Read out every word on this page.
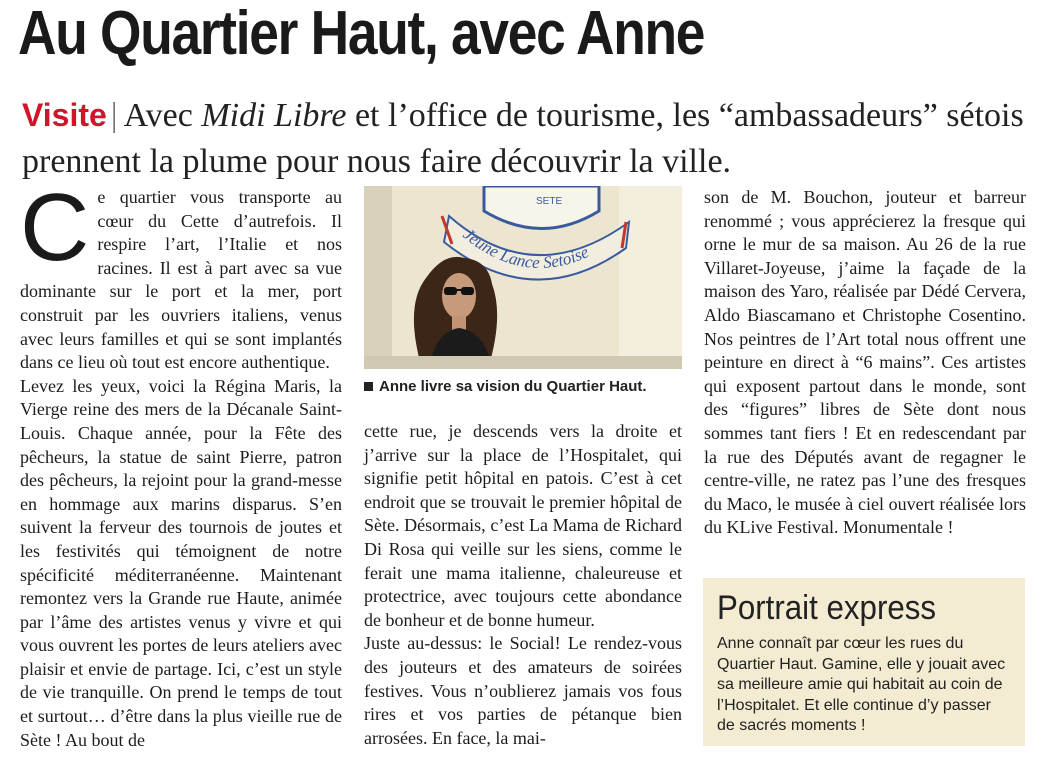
Au Quartier Haut, avec Anne

Visite | Avec Midi Libre et l’office de tourisme, les “ambassadeurs” sétois prennent la plume pour nous faire découvrir la ville.

C e quartier vous transporte au cœur du Cette d’autrefois. Il respire l’art, l’Italie et nos racines. Il est à part avec sa vue dominante sur le port et la mer, port construit par les ouvriers italiens, venus avec leurs familles et qui se sont implantés dans ce lieu où tout est encore authentique.

Levez les yeux, voici la Régina Maris, la Vierge reine des mers de la Décanale Saint-Louis. Chaque année, pour la Fête des pêcheurs, la statue de saint Pierre, patron des pêcheurs, la rejoint pour la grand-messe en hommage aux marins disparus. S’en suivent la ferveur des tournois de joutes et les festivités qui témoignent de notre spécificité méditerranéenne. Maintenant remontez vers la Grande rue Haute, animée par l’âme des artistes venus y vivre et qui vous ouvrent les portes de leurs ateliers avec plaisir et envie de partage. Ici, c’est un style de vie tranquille. On prend le temps de tout et surtout… d’être dans la plus vieille rue de Sète ! Au bout de

SETE
Jeune Lance Setoise
Anne livre sa vision du Quartier Haut.

cette rue, je descends vers la droite et j’arrive sur la place de l’Hospitalet, qui signifie petit hôpital en patois. C’est à cet endroit que se trouvait le premier hôpital de Sète. Désormais, c’est La Mama de Richard Di Rosa qui veille sur les siens, comme le ferait une mama italienne, chaleureuse et protectrice, avec toujours cette abondance de bonheur et de bonne humeur.

Juste au-dessus: le Social! Le rendez-vous des jouteurs et des amateurs de soirées festives. Vous n’oublierez jamais vos fous rires et vos parties de pétanque bien arrosées. En face, la mai-

son de M. Bouchon, jouteur et barreur renommé ; vous apprécierez la fresque qui orne le mur de sa maison. Au 26 de la rue Villaret-Joyeuse, j’aime la façade de la maison des Yaro, réalisée par Dédé Cervera, Aldo Biascamano et Christophe Cosentino. Nos peintres de l’Art total nous offrent une peinture en direct à “6 mains”. Ces artistes qui exposent partout dans le monde, sont des “figures” libres de Sète dont nous sommes tant fiers ! Et en redescendant par la rue des Députés avant de regagner le centre-ville, ne ratez pas l’une des fresques du Maco, le musée à ciel ouvert réalisée lors du KLive Festival. Monumentale !

Portrait express

Anne connaît par cœur les rues du Quartier Haut. Gamine, elle y jouait avec sa meilleure amie qui habitait au coin de l’Hospitalet. Et elle continue d’y passer de sacrés moments !
